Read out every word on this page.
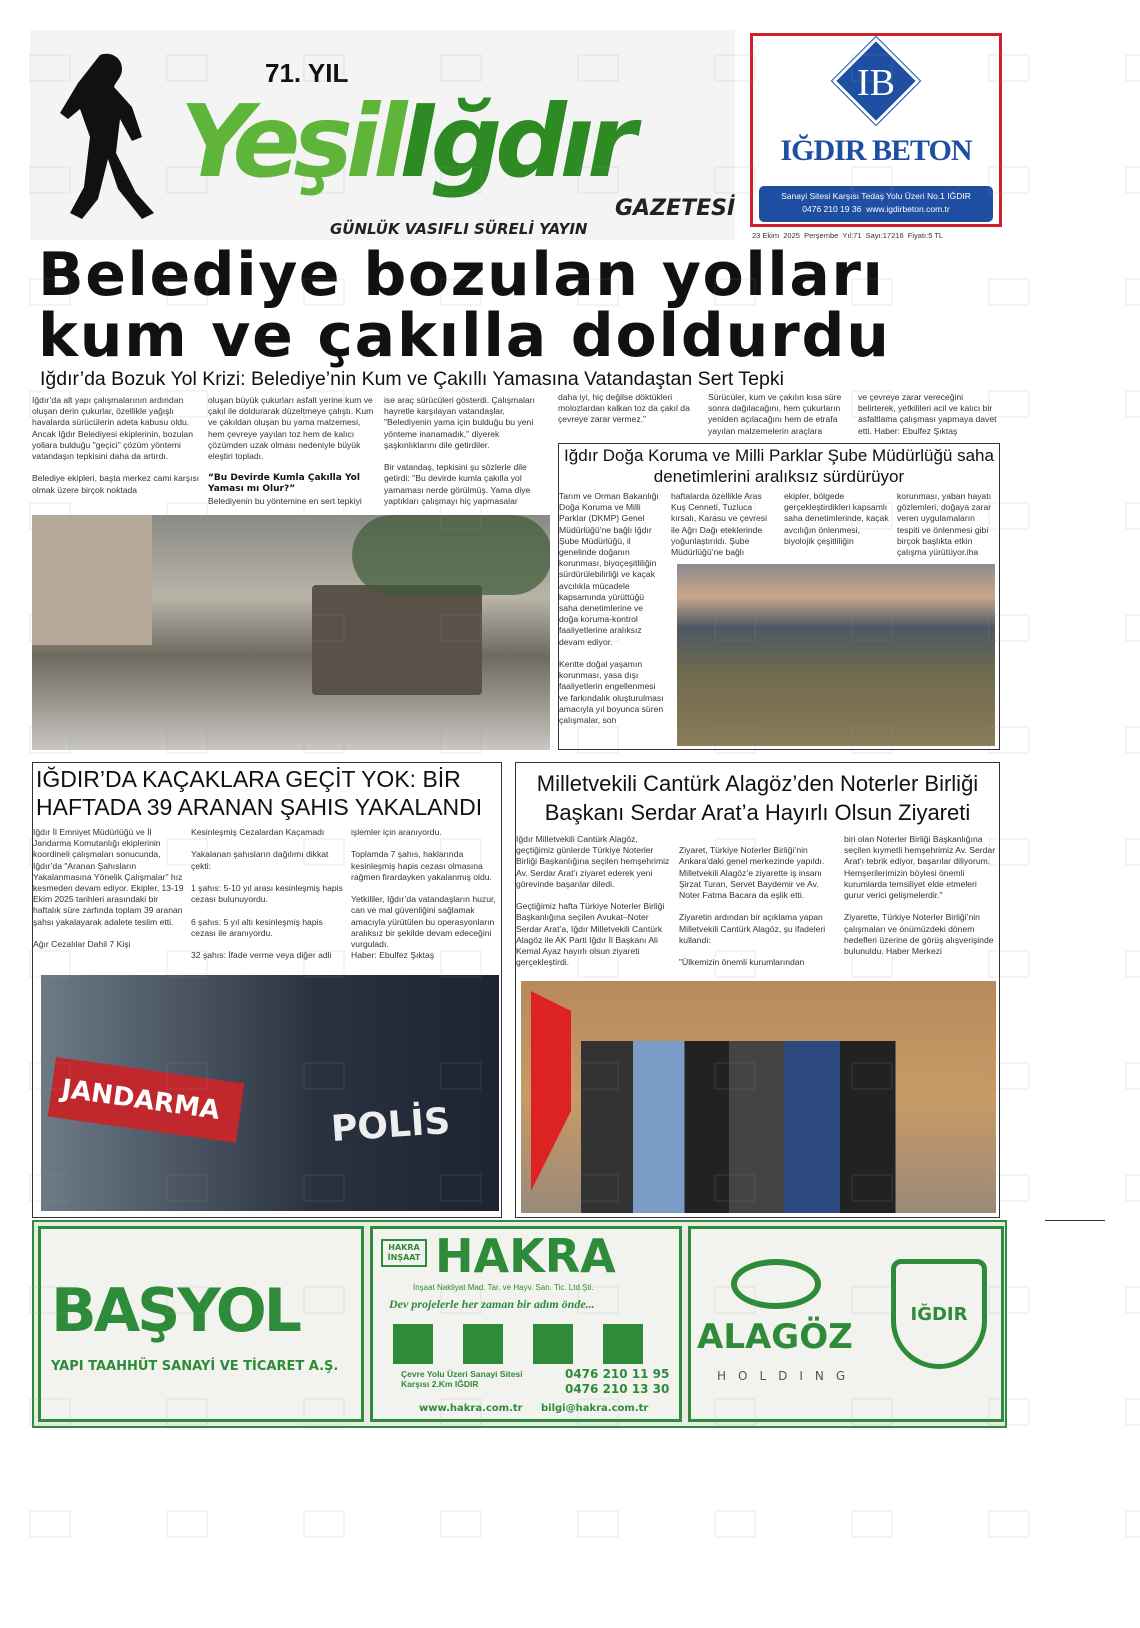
71. YIL
YeşilIğdır
GAZETESİ
GÜNLÜK VASIFLI SÜRELİ YAYIN
IB
IĞDIR BETON
Sanayi Sitesi Karşısı Tedaş Yolu Üzeri No.1 IĞDIR
0476 210 19 36 www.igdirbeton.com.tr
23 Ekim  2025  Perşembe  Yıl:71  Sayı:17216  Fiyatı:5 TL
Belediye bozulan yolları
kum ve çakılla doldurdu
Iğdır’da Bozuk Yol Krizi: Belediye’nin Kum ve Çakıllı Yamasına Vatandaştan Sert Tepki
Iğdır’da alt yapı çalışmalarının ardından oluşan derin çukurlar, özellikle yağışlı havalarda sürücülerin adeta kabusu oldu. Ancak Iğdır Belediyesi ekiplerinin, bozulan yollara bulduğu "geçici" çözüm yöntemi vatandaşın tepkisini daha da artırdı.

Belediye ekipleri, başta merkez cami karşısı olmak üzere birçok noktada

oluşan büyük çukurları asfalt yerine kum ve çakıl ile doldurarak düzeltmeye çalıştı. Kum ve çakıldan oluşan bu yama malzemesi, hem çevreye yayılan toz hem de kalıcı çözümden uzak olması nedeniyle büyük eleştiri topladı.

“Bu Devirde Kumla Çakılla Yol Yaması mı Olur?”
Belediyenin bu yöntemine en sert tepkiyi
ise araç sürücüleri gösterdi. Çalışmaları hayretle karşılayan vatandaşlar, "Belediyenin yama için bulduğu bu yeni yönteme inanamadık," diyerek şaşkınlıklarını dile getirdiler.

Bir vatandaş, tepkisini şu sözlerle dile getirdi: "Bu devirde kumla çakılla yol yamaması nerde görülmüş. Yama diye yaptıkları çalışmayı hiç yapmasalar
daha iyi, hiç değilse döktükleri molozlardan kalkan toz da çakıl da çevreye zarar vermez."
Sürücüler, kum ve çakılın kısa süre sonra dağılacağını, hem çukurların yeniden açılacağını hem de etrafa yayılan malzemelerin araçlara
ve çevreye zarar vereceğini belirterek, yetkilileri acil ve kalıcı bir asfaltlama çalışması yapmaya davet etti. Haber: Ebulfez Şıktaş
Iğdır Doğa Koruma ve Milli Parklar Şube Müdürlüğü saha denetimlerini aralıksız sürdürüyor
Tarım ve Orman Bakanlığı Doğa Koruma ve Milli Parklar (DKMP) Genel Müdürlüğü’ne bağlı Iğdır Şube Müdürlüğü, il genelinde doğanın korunması, biyoçeşitliliğin sürdürülebilirliği ve kaçak avcılıkla mücadele kapsamında yürüttüğü saha denetimlerine ve doğa koruma-kontrol faaliyetlerine aralıksız devam ediyor.

Kentte doğal yaşamın korunması, yasa dışı faaliyetlerin engellenmesi ve farkındalık oluşturulması amacıyla yıl boyunca süren çalışmalar, son
haftalarda özellikle Aras Kuş Cenneti, Tuzluca kırsalı, Karasu ve çevresi ile Ağrı Dağı eteklerinde yoğunlaştırıldı. Şube Müdürlüğü’ne bağlı
ekipler, bölgede gerçekleştirdikleri kapsamlı saha denetimlerinde, kaçak avcılığın önlenmesi, biyolojik çeşitliliğin
korunması, yaban hayatı gözlemleri, doğaya zarar veren uygulamaların tespiti ve önlenmesi gibi birçok başlıkta etkin çalışma yürütüyor.iha
IĞDIR’DA KAÇAKLARA GEÇİT YOK: BİR HAFTADA 39 ARANAN ŞAHIS YAKALANDI
Iğdır İl Emniyet Müdürlüğü ve İl Jandarma Komutanlığı ekiplerinin koordineli çalışmaları sonucunda, Iğdır’da "Aranan Şahısların Yakalanmasına Yönelik Çalışmalar" hız kesmeden devam ediyor. Ekipler, 13-19 Ekim 2025 tarihleri arasındaki bir haftalık süre zarfında toplam 39 aranan şahsı yakalayarak adalete teslim etti.

Ağır Cezalılar Dahil 7 Kişi
Kesinleşmiş Cezalardan Kaçamadı

Yakalanan şahısların dağılımı dikkat çekti:

1 şahıs: 5-10 yıl arası kesinleşmiş hapis cezası bulunuyordu.

6 şahıs: 5 yıl altı kesinleşmiş hapis cezası ile aranıyordu.

32 şahıs: İfade verme veya diğer adli
işlemler için aranıyordu.

Toplamda 7 şahıs, haklarında kesinleşmiş hapis cezası olmasına rağmen firardayken yakalanmış oldu.

Yetkililer, Iğdır’da vatandaşların huzur, can ve mal güvenliğini sağlamak amacıyla yürütülen bu operasyonların aralıksız bir şekilde devam edeceğini vurguladı.
Haber: Ebulfez Şıktaş
JANDARMA	POLİS
Milletvekili Cantürk Alagöz’den Noterler Birliği Başkanı Serdar Arat’a Hayırlı Olsun Ziyareti
Iğdır Milletvekili Cantürk Alagöz, geçtiğimiz günlerde Türkiye Noterler Birliği Başkanlığına seçilen hemşehrimiz Av. Serdar Arat’ı ziyaret ederek yeni görevinde başarılar diledi.

Geçtiğimiz hafta Türkiye Noterler Birliği Başkanlığına seçilen Avukat–Noter Serdar Arat’a, Iğdır Milletvekili Cantürk Alagöz ile AK Parti Iğdır İl Başkanı Ali Kemal Ayaz hayırlı olsun ziyareti gerçekleştirdi.

Ziyaret, Türkiye Noterler Birliği’nin Ankara’daki genel merkezinde yapıldı. Milletvekili Alagöz’e ziyarette iş insanı Şirzat Turan, Servet Baydemir ve Av. Noter Fatma Bacara da eşlik etti.

Ziyaretin ardından bir açıklama yapan Milletvekili Cantürk Alagöz, şu ifadeleri kullandı:

"Ülkemizin önemli kurumlarından
biri olan Noterler Birliği Başkanlığına seçilen kıymetli hemşehrimiz Av. Serdar Arat’ı tebrik ediyor, başarılar diliyorum. Hemşerilerimizin böylesi önemli kurumlarda temsiliyet elde etmeleri gurur verici gelişmelerdir."

Ziyarette, Türkiye Noterler Birliği’nin çalışmaları ve önümüzdeki dönem hedefleri üzerine de görüş alışverişinde bulunuldu. Haber Merkezi
BAŞYOL
YAPI TAAHHÜT SANAYİ VE TİCARET A.Ş.
HAKRA İNŞAAT HAKRA
İnşaat Nakliyat Mad. Tar. ve Hayv. San. Tic. Ltd.Şti.
Dev projelerle her zaman bir adım önde...
Çevre Yolu Üzeri Sanayi Sitesi Karşısı 2.Km IĞDIR
0476 210 11 95
0476 210 13 30
www.hakra.com.tr bilgi@hakra.com.tr
ALAGÖZ
HOLDING
IĞDIR
